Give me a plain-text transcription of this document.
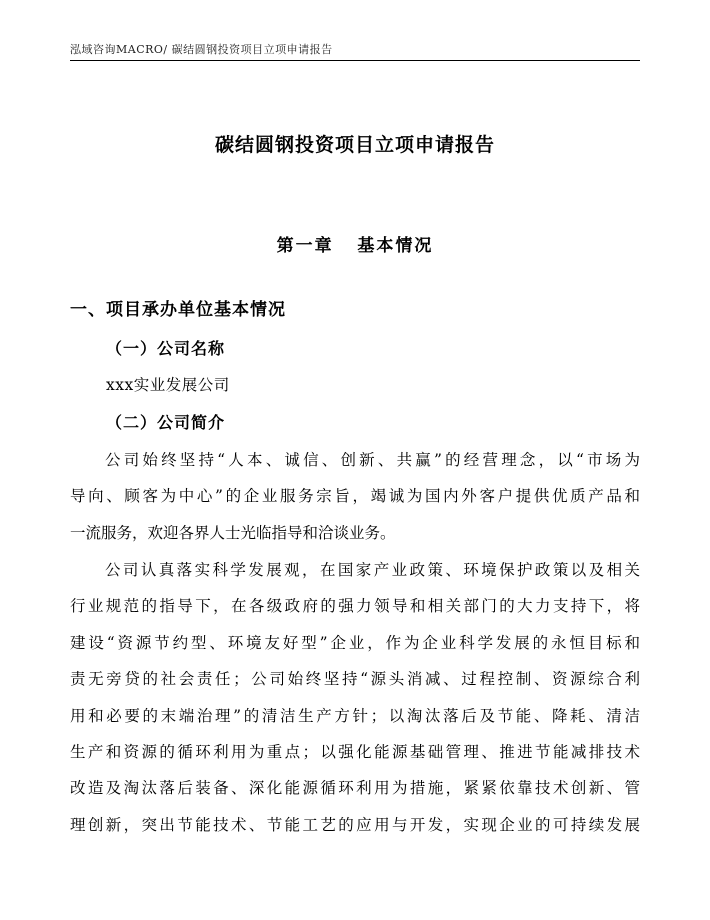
泓域咨询MACRO/ 碳结圆钢投资项目立项申请报告
碳结圆钢投资项目立项申请报告
第一章   基本情况
一、项目承办单位基本情况
（一）公司名称
xxx实业发展公司
（二）公司简介
公司始终坚持“人本、诚信、创新、共赢”的经营理念，以“市场为
导向、顾客为中心”的企业服务宗旨，竭诚为国内外客户提供优质产品和
一流服务，欢迎各界人士光临指导和洽谈业务。
公司认真落实科学发展观，在国家产业政策、环境保护政策以及相关
行业规范的指导下，在各级政府的强力领导和相关部门的大力支持下，将
建设“资源节约型、环境友好型”企业，作为企业科学发展的永恒目标和
责无旁贷的社会责任；公司始终坚持“源头消减、过程控制、资源综合利
用和必要的末端治理”的清洁生产方针；以淘汰落后及节能、降耗、清洁
生产和资源的循环利用为重点；以强化能源基础管理、推进节能减排技术
改造及淘汰落后装备、深化能源循环利用为措施，紧紧依靠技术创新、管
理创新，突出节能技术、节能工艺的应用与开发，实现企业的可持续发展
